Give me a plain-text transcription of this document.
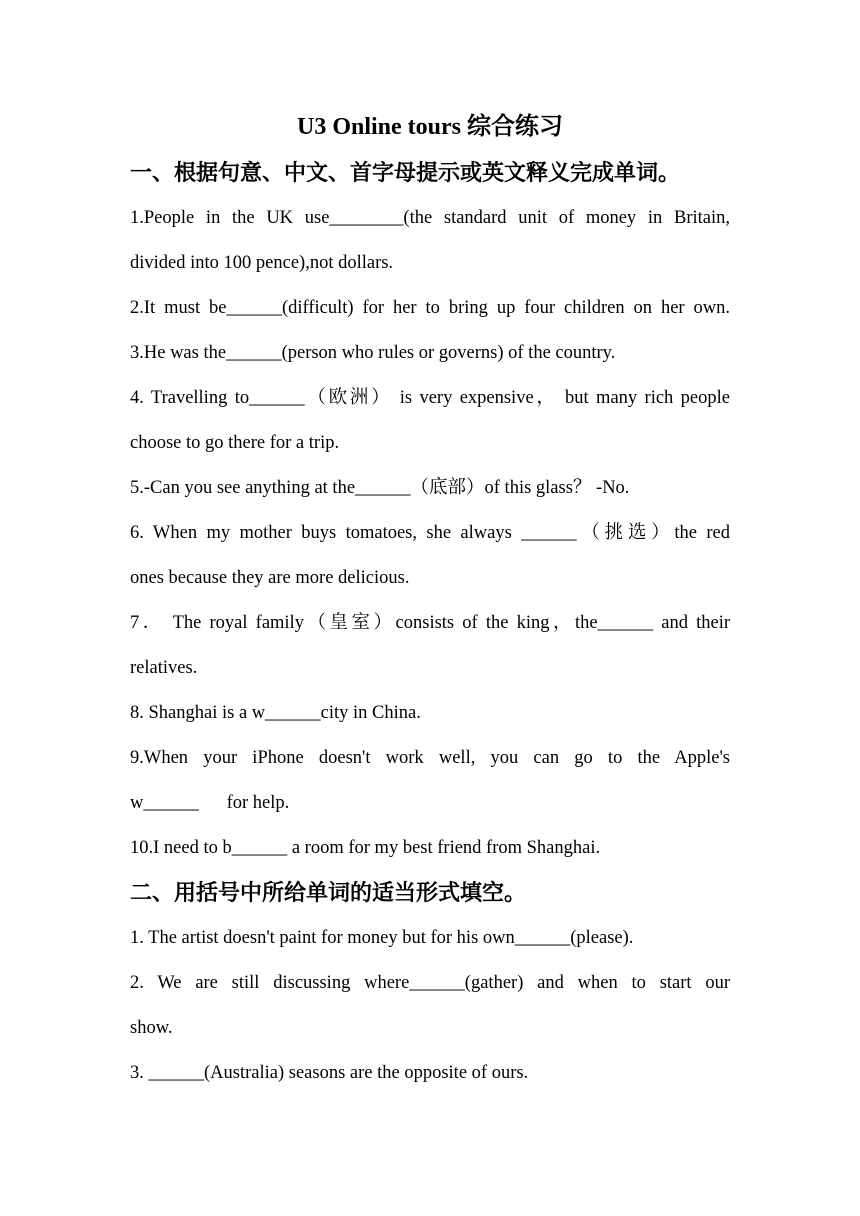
U3 Online tours 综合练习
一、根据句意、中文、首字母提示或英文释义完成单词。
1.People in the UK use________(the standard unit of money in Britain,
divided into 100 pence),not dollars.
2.It must be______(difficult) for her to bring up four children on her own.
3.He was the______(person who rules or governs) of the country.
4. Travelling to______（欧洲） is very expensive， but many rich people
choose to go there for a trip.
5.-Can you see anything at the______（底部）of this glass？ -No.
6. When my mother buys tomatoes, she always ______（挑选）the red
ones because they are more delicious.
7． The royal family（皇室）consists of the king，the______ and their
relatives.
8. Shanghai is a w______city in China.
9.When your iPhone doesn't work well, you can go to the Apple's
w______      for help.
10.I need to b______ a room for my best friend from Shanghai.
二、用括号中所给单词的适当形式填空。
1. The artist doesn't paint for money but for his own______(please).
2. We are still discussing where______(gather) and when to start our
show.
3. ______(Australia) seasons are the opposite of ours.
